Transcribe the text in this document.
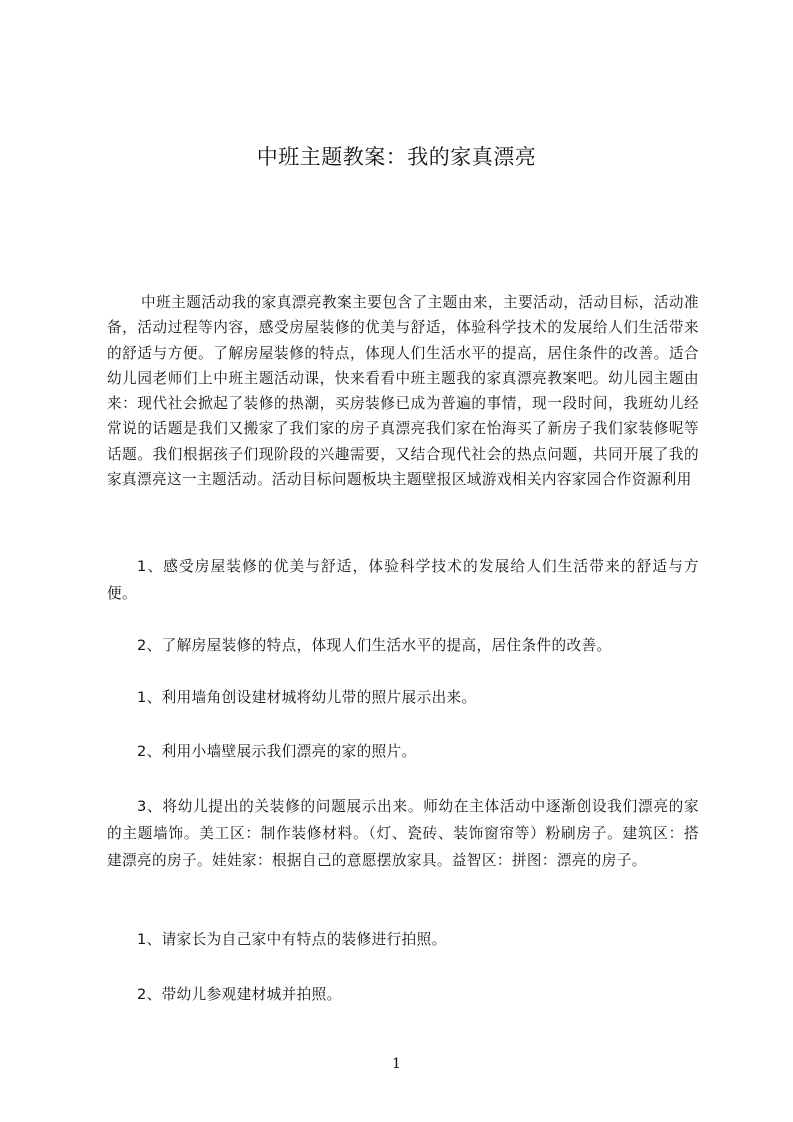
中班主题教案：我的家真漂亮

中班主题活动我的家真漂亮教案主要包含了主题由来，主要活动，活动目标，活动准备，活动过程等内容，感受房屋装修的优美与舒适，体验科学技术的发展给人们生活带来的舒适与方便。了解房屋装修的特点，体现人们生活水平的提高，居住条件的改善。适合幼儿园老师们上中班主题活动课，快来看看中班主题我的家真漂亮教案吧。幼儿园主题由来：现代社会掀起了装修的热潮，买房装修已成为普遍的事情，现一段时间，我班幼儿经常说的话题是我们又搬家了我们家的房子真漂亮我们家在怡海买了新房子我们家装修呢等话题。我们根据孩子们现阶段的兴趣需要，又结合现代社会的热点问题，共同开展了我的家真漂亮这一主题活动。活动目标问题板块主题壁报区域游戏相关内容家园合作资源利用

1、感受房屋装修的优美与舒适，体验科学技术的发展给人们生活带来的舒适与方便。

2、了解房屋装修的特点，体现人们生活水平的提高，居住条件的改善。

1、利用墙角创设建材城将幼儿带的照片展示出来。

2、利用小墙壁展示我们漂亮的家的照片。

3、将幼儿提出的关装修的问题展示出来。师幼在主体活动中逐渐创设我们漂亮的家的主题墙饰。美工区：制作装修材料。（灯、瓷砖、装饰窗帘等）粉刷房子。建筑区：搭建漂亮的房子。娃娃家：根据自己的意愿摆放家具。益智区：拼图：漂亮的房子。

1、请家长为自己家中有特点的装修进行拍照。

2、带幼儿参观建材城并拍照。

1
